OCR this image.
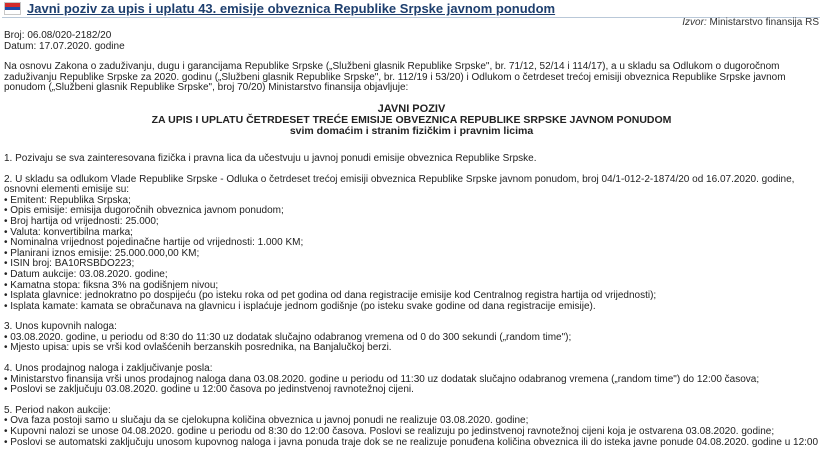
Javni poziv za upis i uplatu 43. emisije obveznica Republike Srpske javnom ponudom
Izvor: Ministarstvo finansija RS
Broj: 06.08/020-2182/20
Datum: 17.07.2020. godine

Na osnovu Zakona o zaduživanju, dugu i garancijama Republike Srpske („Službeni glasnik Republike Srpske", br. 71/12, 52/14 i 114/17), a u skladu sa Odlukom o dugoročnom zaduživanju Republike Srpske za 2020. godinu („Službeni glasnik Republike Srpske", br. 112/19 i 53/20) i Odlukom o četrdeset trećoj emisiji obveznica Republike Srpske javnom ponudom („Službeni glasnik Republike Srpske", broj 70/20) Ministarstvo finansija objavljuje:

JAVNI POZIV
ZA UPIS I UPLATU ČETRDESET TREĆE EMISIJE OBVEZNICA REPUBLIKE SRPSKE JAVNOM PONUDOM
svim domaćim i stranim fizičkim i pravnim licima

1. Pozivaju se sva zainteresovana fizička i pravna lica da učestvuju u javnoj ponudi emisije obveznica Republike Srpske.

2. U skladu sa odlukom Vlade Republike Srpske - Odluka o četrdeset trećoj emisiji obveznica Republike Srpske javnom ponudom, broj 04/1-012-2-1874/20 od 16.07.2020. godine, osnovni elementi emisije su:

• Emitent: Republika Srpska;
• Opis emisije: emisija dugoročnih obveznica javnom ponudom;
• Broj hartija od vrijednosti: 25.000;
• Valuta: konvertibilna marka;
• Nominalna vrijednost pojedinačne hartije od vrijednosti: 1.000 KM;
• Planirani iznos emisije: 25.000.000,00 KM;
• ISIN broj: BA10RSBDO223;
• Datum aukcije: 03.08.2020. godine;
• Kamatna stopa: fiksna 3% na godišnjem nivou;
• Isplata glavnice: jednokratno po dospijeću (po isteku roka od pet godina od dana registracije emisije kod Centralnog registra hartija od vrijednosti);
• Isplata kamate: kamata se obračunava na glavnicu i isplaćuje jednom godišnje (po isteku svake godine od dana registracije emisije).

3. Unos kupovnih naloga:

• 03.08.2020. godine, u periodu od 8:30 do 11:30 uz dodatak slučajno odabranog vremena od 0 do 300 sekundi („random time");
• Mjesto upisa: upis se vrši kod ovlašćenih berzanskih posrednika, na Banjalučkoj berzi.

4. Unos prodajnog naloga i zaključivanje posla:

• Ministarstvo finansija vrši unos prodajnog naloga dana 03.08.2020. godine u periodu od 11:30 uz dodatak slučajno odabranog vremena („random time") do 12:00 časova;
• Poslovi se zaključuju 03.08.2020. godine u 12:00 časova po jedinstvenoj ravnotežnoj cijeni.

5. Period nakon aukcije:

• Ova faza postoji samo u slučaju da se cjelokupna količina obveznica u javnoj ponudi ne realizuje 03.08.2020. godine;
• Kupovni nalozi se unose 04.08.2020. godine u periodu od 8:30 do 12:00 časova. Poslovi se realizuju po jedinstvenoj ravnotežnoj cijeni koja je ostvarena 03.08.2020. godine;
• Poslovi se automatski zaključuju unosom kupovnog naloga i javna ponuda traje dok se ne realizuje ponuđena količina obveznica ili do isteka javne ponude 04.08.2020. godine u 12:00
